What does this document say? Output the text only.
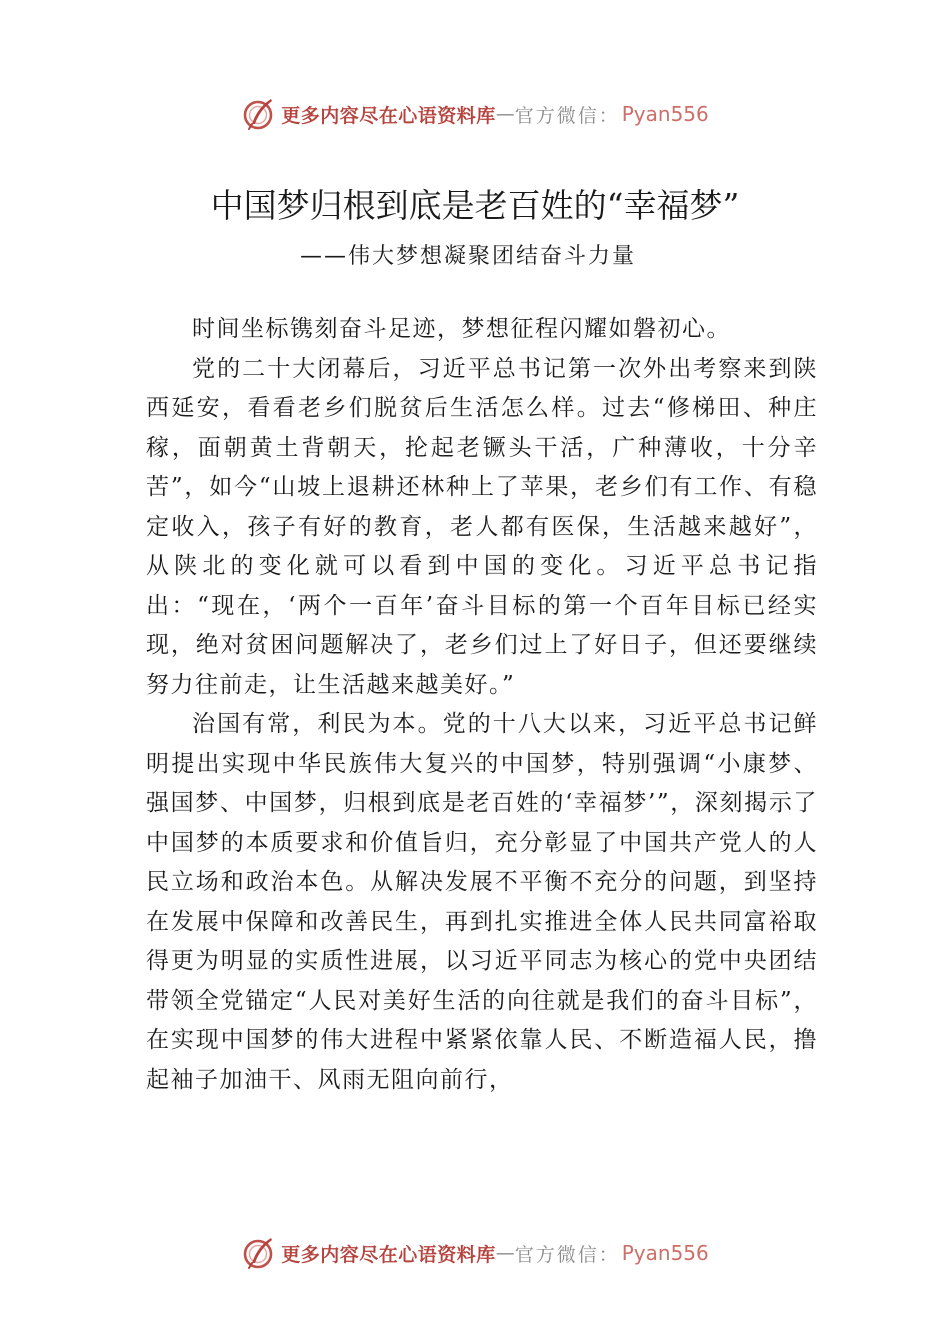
更多内容尽在心语资料库 — 官方微信： Pyan556
中国梦归根到底是老百姓的“幸福梦”
——伟大梦想凝聚团结奋斗力量

时间坐标镌刻奋斗足迹，梦想征程闪耀如磐初心。

党的二十大闭幕后，习近平总书记第一次外出考察来到陕西延安，看看老乡们脱贫后生活怎么样。过去“修梯田、种庄稼，面朝黄土背朝天，抡起老镢头干活，广种薄收，十分辛苦”，如今“山坡上退耕还林种上了苹果，老乡们有工作、有稳定收入，孩子有好的教育，老人都有医保，生活越来越好”，从陕北的变化就可以看到中国的变化。习近平总书记指出：“现在，‘两个一百年’奋斗目标的第一个百年目标已经实现，绝对贫困问题解决了，老乡们过上了好日子，但还要继续努力往前走，让生活越来越美好。”

治国有常，利民为本。党的十八大以来，习近平总书记鲜明提出实现中华民族伟大复兴的中国梦，特别强调“小康梦、强国梦、中国梦，归根到底是老百姓的‘幸福梦’”，深刻揭示了中国梦的本质要求和价值旨归，充分彰显了中国共产党人的人民立场和政治本色。从解决发展不平衡不充分的问题，到坚持在发展中保障和改善民生，再到扎实推进全体人民共同富裕取得更为明显的实质性进展，以习近平同志为核心的党中央团结带领全党锚定“人民对美好生活的向往就是我们的奋斗目标”，在实现中国梦的伟大进程中紧紧依靠人民、不断造福人民，撸起袖子加油干、风雨无阻向前行，

更多内容尽在心语资料库 — 官方微信： Pyan556
